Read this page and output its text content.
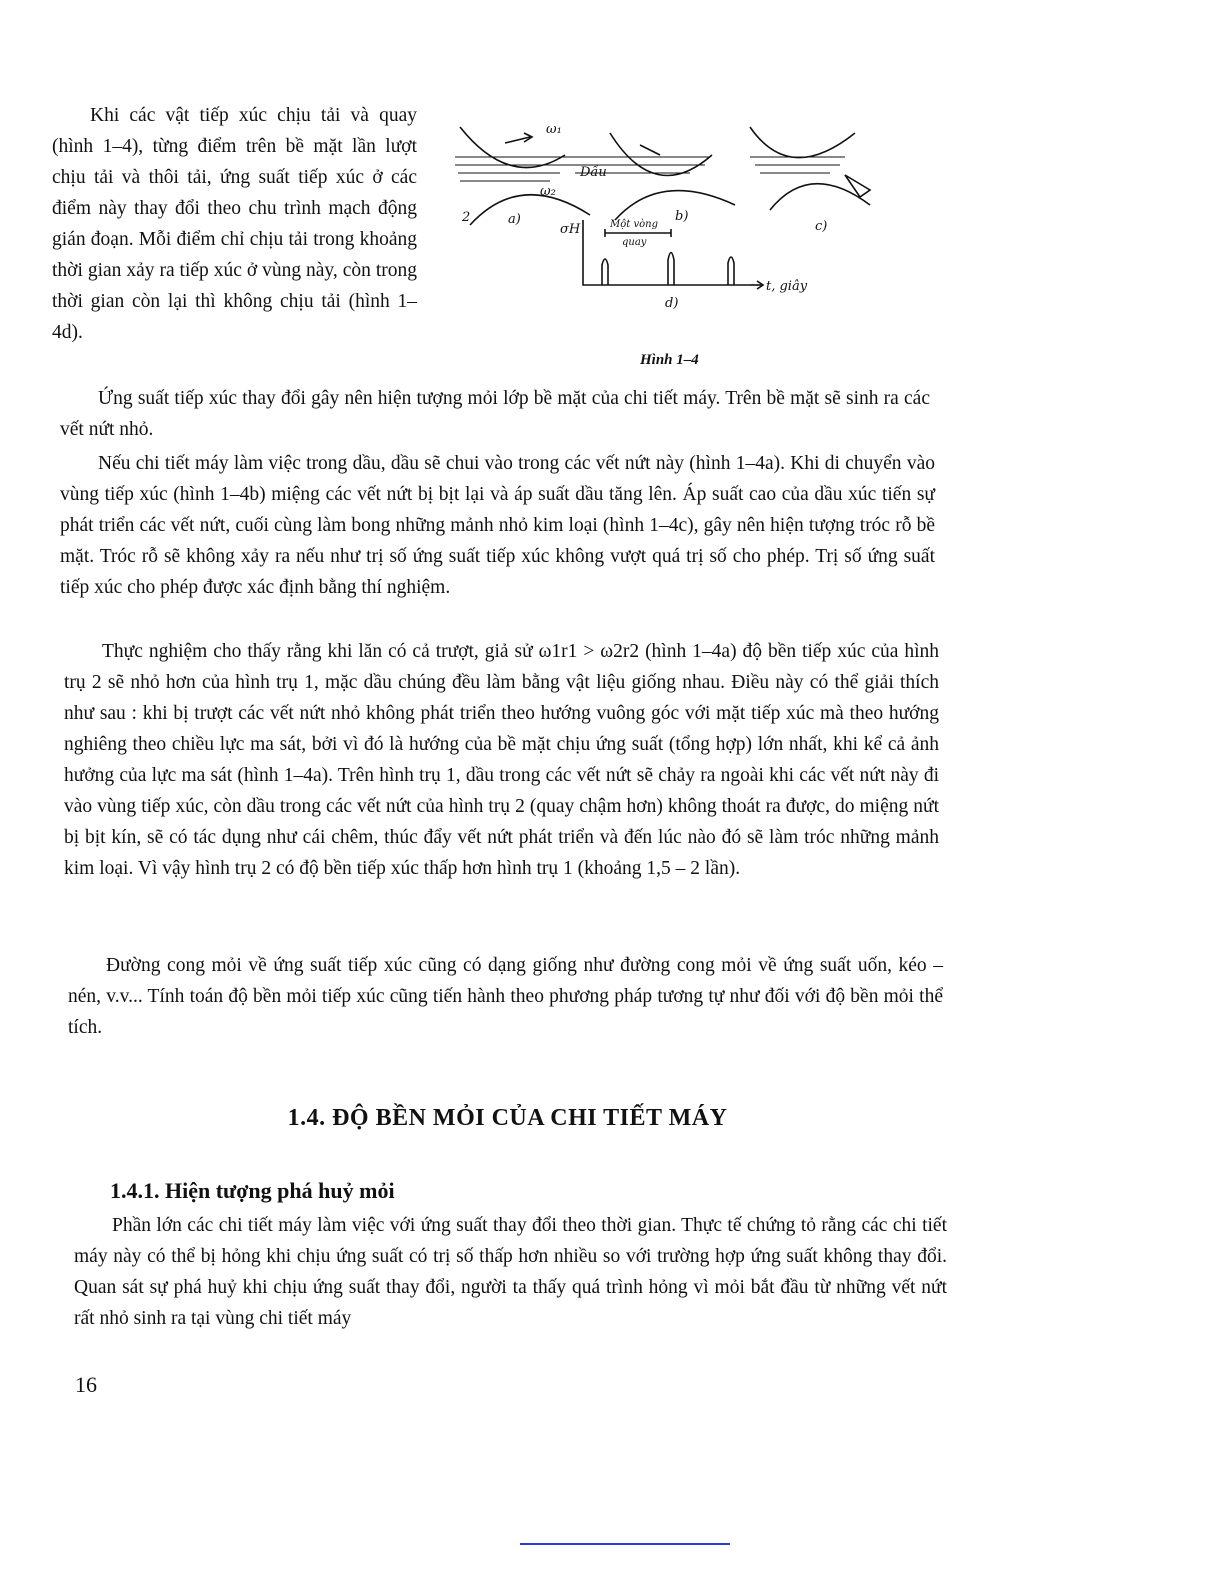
Khi các vật tiếp xúc chịu tải và quay (hình 1–4), từng điểm trên bề mặt lần lượt chịu tải và thôi tải, ứng suất tiếp xúc ở các điểm này thay đổi theo chu trình mạch động gián đoạn. Mỗi điểm chỉ chịu tải trong khoảng thời gian xảy ra tiếp xúc ở vùng này, còn trong thời gian còn lại thì không chịu tải (hình 1–4d).

ω₁
ω₂
Dầu
2	a)	b)
c)
d)
σH	Một vòng
quay
t, giây
Hình 1–4

Ứng suất tiếp xúc thay đổi gây nên hiện tượng mỏi lớp bề mặt của chi tiết máy. Trên bề mặt sẽ sinh ra các vết nứt nhỏ.

Nếu chi tiết máy làm việc trong dầu, dầu sẽ chui vào trong các vết nứt này (hình 1–4a). Khi di chuyển vào vùng tiếp xúc (hình 1–4b) miệng các vết nứt bị bịt lại và áp suất dầu tăng lên. Áp suất cao của dầu xúc tiến sự phát triển các vết nứt, cuối cùng làm bong những mảnh nhỏ kim loại (hình 1–4c), gây nên hiện tượng tróc rỗ bề mặt. Tróc rỗ sẽ không xảy ra nếu như trị số ứng suất tiếp xúc không vượt quá trị số cho phép. Trị số ứng suất tiếp xúc cho phép được xác định bằng thí nghiệm.

Thực nghiệm cho thấy rằng khi lăn có cả trượt, giả sử ω1r1 > ω2r2 (hình 1–4a) độ bền tiếp xúc của hình trụ 2 sẽ nhỏ hơn của hình trụ 1, mặc dầu chúng đều làm bằng vật liệu giống nhau. Điều này có thể giải thích như sau : khi bị trượt các vết nứt nhỏ không phát triển theo hướng vuông góc với mặt tiếp xúc mà theo hướng nghiêng theo chiều lực ma sát, bởi vì đó là hướng của bề mặt chịu ứng suất (tổng hợp) lớn nhất, khi kể cả ảnh hưởng của lực ma sát (hình 1–4a). Trên hình trụ 1, dầu trong các vết nứt sẽ chảy ra ngoài khi các vết nứt này đi vào vùng tiếp xúc, còn dầu trong các vết nứt của hình trụ 2 (quay chậm hơn) không thoát ra được, do miệng nứt bị bịt kín, sẽ có tác dụng như cái chêm, thúc đẩy vết nứt phát triển và đến lúc nào đó sẽ làm tróc những mảnh kim loại. Vì vậy hình trụ 2 có độ bền tiếp xúc thấp hơn hình trụ 1 (khoảng 1,5 – 2 lần).

Đường cong mỏi về ứng suất tiếp xúc cũng có dạng giống như đường cong mỏi về ứng suất uốn, kéo – nén, v.v... Tính toán độ bền mỏi tiếp xúc cũng tiến hành theo phương pháp tương tự như đối với độ bền mỏi thể tích.

1.4. ĐỘ BỀN MỎI CỦA CHI TIẾT MÁY
1.4.1. Hiện tượng phá huỷ mỏi

Phần lớn các chi tiết máy làm việc với ứng suất thay đổi theo thời gian. Thực tế chứng tỏ rằng các chi tiết máy này có thể bị hỏng khi chịu ứng suất có trị số thấp hơn nhiều so với trường hợp ứng suất không thay đổi. Quan sát sự phá huỷ khi chịu ứng suất thay đổi, người ta thấy quá trình hỏng vì mỏi bắt đầu từ những vết nứt rất nhỏ sinh ra tại vùng chi tiết máy

16
